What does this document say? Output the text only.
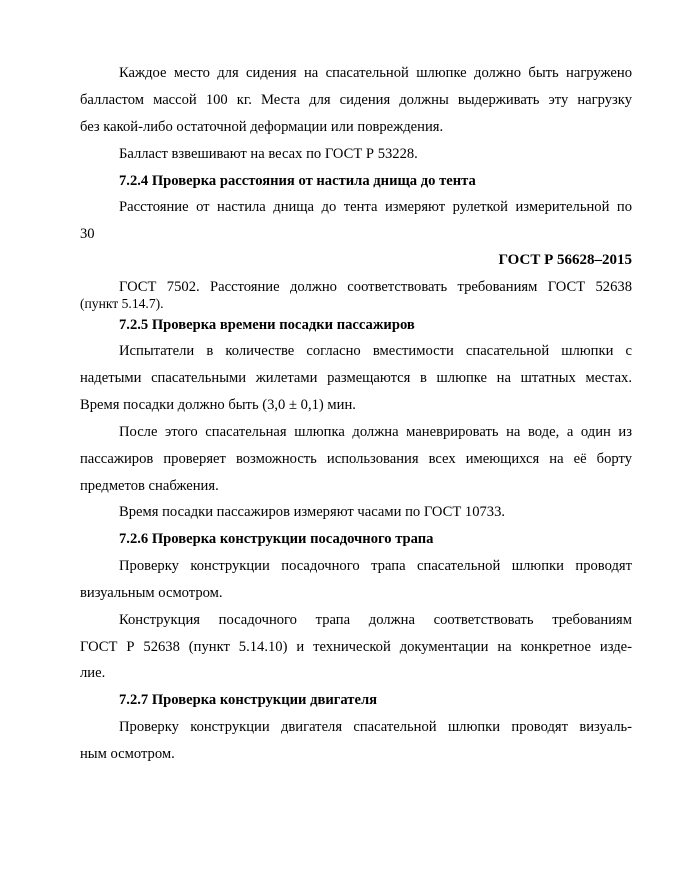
Каждое место для сидения на спасательной шлюпке должно быть нагружено
балластом массой 100 кг. Места для сидения должны выдерживать эту нагрузку
без какой-либо остаточной деформации или повреждения.
Балласт взвешивают на весах по ГОСТ Р 53228.
7.2.4 Проверка расстояния от настила днища до тента
Расстояние от настила днища до тента измеряют рулеткой измерительной по
30
ГОСТ Р 56628–2015
ГОСТ 7502. Расстояние должно соответствовать требованиям ГОСТ 52638
(пункт 5.14.7).
7.2.5 Проверка времени посадки пассажиров
Испытатели в количестве согласно вместимости спасательной шлюпки с
надетыми спасательными жилетами размещаются в шлюпке на штатных местах.
Время посадки должно быть (3,0 ± 0,1) мин.
После этого спасательная шлюпка должна маневрировать на воде, а один из
пассажиров проверяет возможность использования всех имеющихся на её борту
предметов снабжения.
Время посадки пассажиров измеряют часами по ГОСТ 10733.
7.2.6 Проверка конструкции посадочного трапа
Проверку конструкции посадочного трапа спасательной шлюпки проводят
визуальным осмотром.
Конструкция посадочного трапа должна соответствовать требованиям
ГОСТ Р 52638 (пункт 5.14.10) и технической документации на конкретное изде-
лие.
7.2.7 Проверка конструкции двигателя
Проверку конструкции двигателя спасательной шлюпки проводят визуаль-
ным осмотром.
